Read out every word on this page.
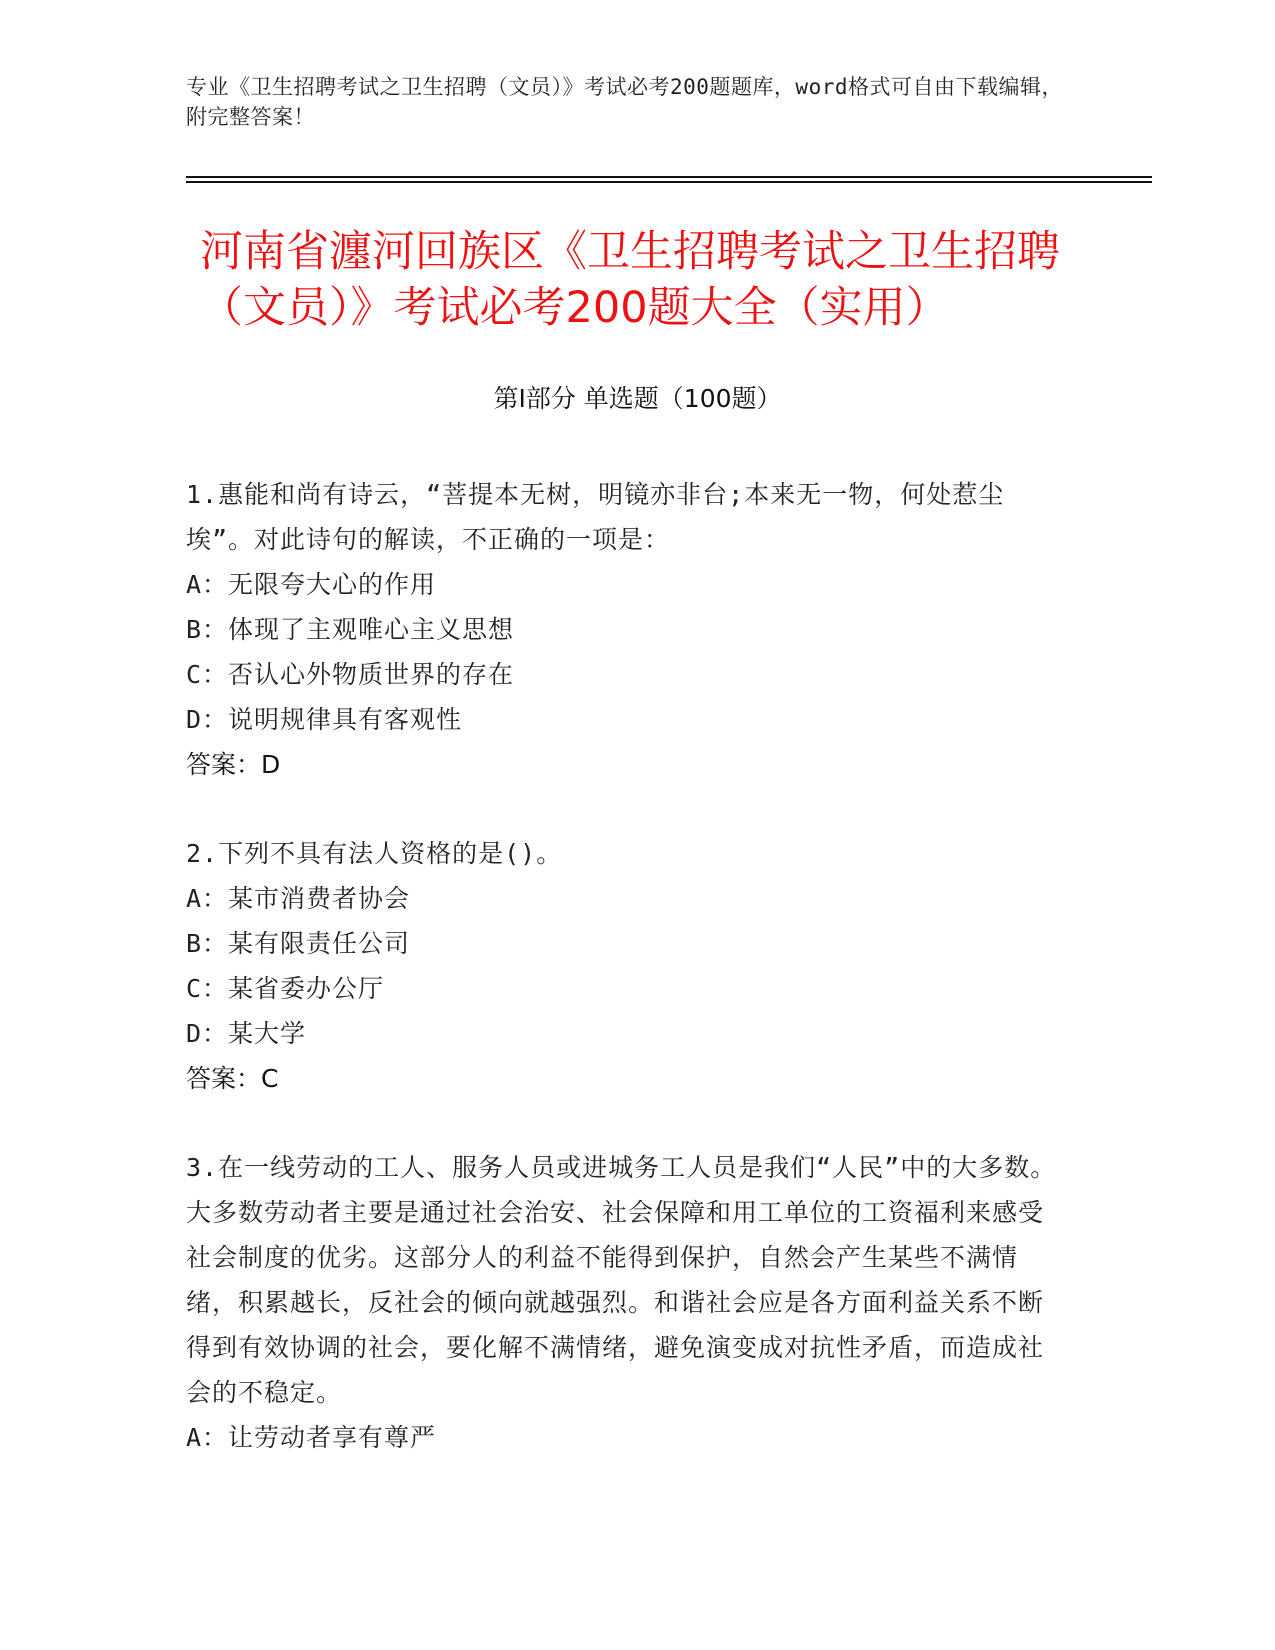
专业《卫生招聘考试之卫生招聘（文员）》考试必考200题题库，word格式可自由下载编辑，附完整答案！
河南省瀍河回族区《卫生招聘考试之卫生招聘（文员）》考试必考200题大全（实用）
第Ⅰ部分 单选题（100题）

1.惠能和尚有诗云，“菩提本无树，明镜亦非台;本来无一物，何处惹尘埃”。对此诗句的解读，不正确的一项是：

A：无限夸大心的作用

B：体现了主观唯心主义思想

C：否认心外物质世界的存在

D：说明规律具有客观性

答案：D

2.下列不具有法人资格的是()。

A：某市消费者协会

B：某有限责任公司

C：某省委办公厅

D：某大学

答案：C

3.在一线劳动的工人、服务人员或进城务工人员是我们“人民”中的大多数。大多数劳动者主要是通过社会治安、社会保障和用工单位的工资福利来感受社会制度的优劣。这部分人的利益不能得到保护，自然会产生某些不满情绪，积累越长，反社会的倾向就越强烈。和谐社会应是各方面利益关系不断得到有效协调的社会，要化解不满情绪，避免演变成对抗性矛盾，而造成社会的不稳定。

A：让劳动者享有尊严
